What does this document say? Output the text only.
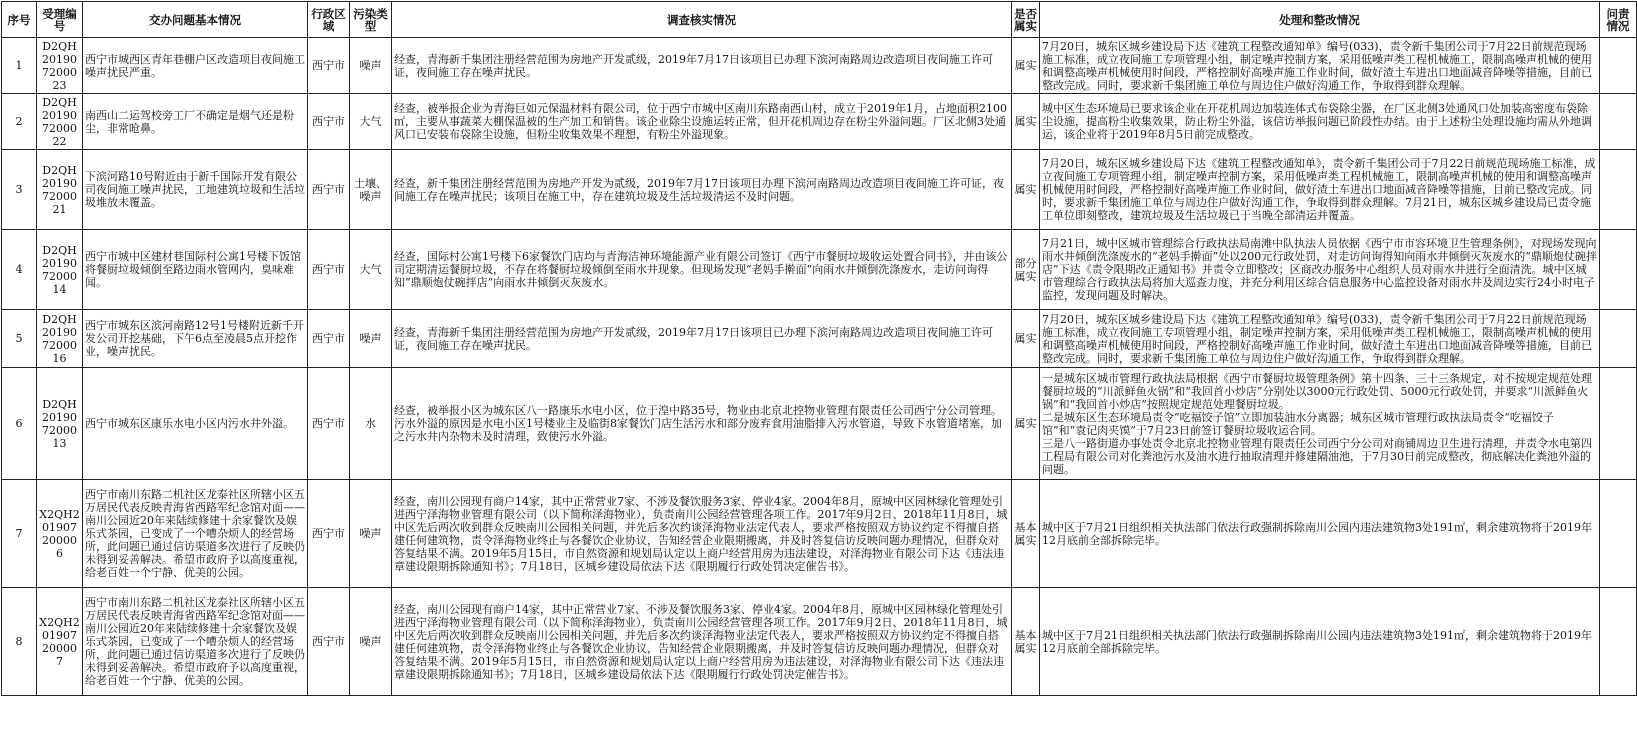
序号	受理编号	交办问题基本情况	行政区域	污染类型	调查核实情况	是否属实	处理和整改情况	问责情况
1	D2QH201907200023	西宁市城西区青年巷棚户区改造项目夜间施工噪声扰民严重。	西宁市	噪声	经查，青海新千集团注册经营范围为房地产开发贰级，2019年7月17日该项目已办理下滨河南路周边改造项目夜间施工许可证，夜间施工存在噪声扰民。	属实	7月20日，城东区城乡建设局下达《建筑工程整改通知单》编号(033)，责令新千集团公司于7月22日前规范现场施工标准，成立夜间施工专项管理小组，制定噪声控制方案，采用低噪声类工程机械施工，限制高噪声机械的使用和调整高噪声机械使用时间段，严格控制好高噪声施工作业时间，做好渣土车进出口地面减音降噪等措施，目前已整改完成。同时，要求新千集团施工单位与周边住户做好沟通工作，争取得到群众理解。	
2	D2QH201907200022	南西山二运驾校旁工厂不确定是烟气还是粉尘，非常呛鼻。	西宁市	大气	经查，被举报企业为青海巨如元保温材料有限公司，位于西宁市城中区南川东路南西山村，成立于2019年1月，占地面积2100㎡，主要从事蔬菜大棚保温被的生产加工和销售。该企业除尘设施运转正常，但开花机周边存在粉尘外溢问题。厂区北侧3处通风口已安装布袋除尘设施，但粉尘收集效果不理想，有粉尘外溢现象。	属实	城中区生态环境局已要求该企业在开花机周边加装连体式布袋除尘器，在厂区北侧3处通风口处加装高密度布袋除尘设施，提高粉尘收集效果，防止粉尘外溢，该信访举报问题已阶段性办结。由于上述粉尘处理设施均需从外地调运，该企业将于2019年8月5日前完成整改。	
3	D2QH201907200021	下滨河路10号附近由于新千国际开发有限公司夜间施工噪声扰民，工地建筑垃圾和生活垃圾堆放未覆盖。	西宁市	土壤、噪声	经查，新千集团注册经营范围为房地产开发为贰级，2019年7月17日该项目办理下滨河南路周边改造项目夜间施工许可证，夜间施工存在噪声扰民；该项目在施工中，存在建筑垃圾及生活垃圾清运不及时问题。	属实	7月20日，城东区城乡建设局下达《建筑工程整改通知单》，责令新千集团公司于7月22日前规范现场施工标准，成立夜间施工专项管理小组，制定噪声控制方案，采用低噪声类工程机械施工，限制高噪声机械的使用和调整高噪声机械使用时间段，严格控制好高噪声施工作业时间，做好渣土车进出口地面减音降噪等措施，目前已整改完成。同时，要求新千集团施工单位与周边住户做好沟通工作，争取得到群众理解。7月21日，城东区城乡建设局已责令施工单位即刻整改，建筑垃圾及生活垃圾已于当晚全部清运并覆盖。	
4	D2QH201907200014	西宁市城中区建材巷国际村公寓1号楼下饭馆将餐厨垃圾倾倒至路边雨水管网内，臭味难闻。	西宁市	大气	经查，国际村公寓1号楼下6家餐饮门店均与青海洁神环境能源产业有限公司签订《西宁市餐厨垃圾收运处置合同书》，并由该公司定期清运餐厨垃圾，不存在将餐厨垃圾倾倒至雨水井现象。但现场发现“老妈手擀面”向雨水井倾倒洗涤废水，走访问询得知“鼎顺炮仗碗拌店”向雨水井倾倒灭灰废水。	部分属实	7月21日，城中区城市管理综合行政执法局南滩中队执法人员依据《西宁市市容环境卫生管理条例》，对现场发现向雨水井倾倒洗涤废水的“老妈手擀面”处以200元行政处罚，对走访问询得知向雨水井倾倒灭灰废水的“鼎顺炮仗碗拌店”下达《责令限期改正通知书》并责令立即整改；区商改办服务中心组织人员对雨水井进行全面清洗。城中区城市管理综合行政执法局将加大巡查力度，并充分利用区综合信息服务中心监控设备对雨水井及周边实行24小时电子监控，发现问题及时解决。	
5	D2QH201907200016	西宁市城东区滨河南路12号1号楼附近新千开发公司开挖基础，下午6点至凌晨5点开挖作业，噪声扰民。	西宁市	噪声	经查，青海新千集团注册经营范围为房地产开发贰级，2019年7月17日该项目已办理下滨河南路周边改造项目夜间施工许可证，夜间施工存在噪声扰民。	属实	7月20日，城东区城乡建设局下达《建筑工程整改通知单》编号(033)，责令新千集团公司于7月22日前规范现场施工标准，成立夜间施工专项管理小组，制定噪声控制方案，采用低噪声类工程机械施工，限制高噪声机械的使用和调整高噪声机械使用时间段，严格控制好高噪声施工作业时间，做好渣土车进出口地面减音降噪等措施，目前已整改完成。同时，要求新千集团施工单位与周边住户做好沟通工作，争取得到群众理解。	
6	D2QH201907200013	西宁市城东区康乐水电小区内污水井外溢。	西宁市	水	经查，被举报小区为城东区八一路康乐水电小区，位于湟中路35号，物业由北京北控物业管理有限责任公司西宁分公司管理。污水外溢的原因是水电小区1号楼业主及临街8家餐饮门店生活污水和部分废弃食用油脂排入污水管道，导致下水管道堵塞，加之污水井内杂物未及时清理，致使污水外溢。	属实	一是城东区城市管理行政执法局根据《西宁市餐厨垃圾管理条例》第十四条、三十三条规定，对不按规定规范处理餐厨垃圾的“川派鲜鱼火锅”和“我回首小炒店”分别处以3000元行政处罚、5000元行政处罚，并要求“川派鲜鱼火锅”和“我回首小炒店”按照规定规范处理餐厨垃圾。
二是城东区生态环境局责令“吃福饺子馆”立即加装油水分离器；城东区城市管理行政执法局责令“吃福饺子馆”和“袁记肉夹馍”于7月23日前签订餐厨垃圾收运合同。
三是八一路街道办事处责令北京北控物业管理有限责任公司西宁分公司对商铺周边卫生进行清理，并责令水电第四工程局有限公司对化粪池污水及油水进行抽取清理并修建隔油池，于7月30日前完成整改，彻底解决化粪池外溢的问题。	
7	X2QH201907200006	西宁市南川东路二机社区龙泰社区所辖小区五万居民代表反映青海省西路军纪念馆对面——南川公园近20年来陆续修建十余家餐饮及娱乐式茶园，已变成了一个嘈杂烦人的经营场所，此问题已通过信访渠道多次进行了反映仍未得到妥善解决。希望市政府予以高度重视，给老百姓一个宁静、优美的公园。	西宁市	噪声	经查，南川公园现有商户14家，其中正常营业7家、不涉及餐饮服务3家、停业4家。2004年8月，原城中区园林绿化管理处引进西宁泽海物业管理有限公司（以下简称泽海物业），负责南川公园经营管理各项工作。2017年9月2日、2018年11月8日，城中区先后两次收到群众反映南川公园相关问题，并先后多次约谈泽海物业法定代表人，要求严格按照双方协议约定不得擅自搭建任何建筑物，责令泽海物业终止与各餐饮企业协议，告知经营企业限期搬离，并及时答复信访反映问题办理情况，但群众对答复结果不满。2019年5月15日，市自然资源和规划局认定以上商户经营用房为违法建设，对泽海物业有限公司下达《违法违章建设限期拆除通知书》；7月18日，区城乡建设局依法下达《限期履行行政处罚决定催告书》。	基本属实	城中区于7月21日组织相关执法部门依法行政强制拆除南川公园内违法建筑物3处191㎡，剩余建筑物将于2019年12月底前全部拆除完毕。	
8	X2QH201907200007	西宁市南川东路二机社区龙泰社区所辖小区五万居民代表反映青海省西路军纪念馆对面——南川公园近20年来陆续修建十余家餐饮及娱乐式茶园，已变成了一个嘈杂烦人的经营场所，此问题已通过信访渠道多次进行了反映仍未得到妥善解决。希望市政府予以高度重视，给老百姓一个宁静、优美的公园。	西宁市	噪声	经查，南川公园现有商户14家，其中正常营业7家、不涉及餐饮服务3家、停业4家。2004年8月，原城中区园林绿化管理处引进西宁泽海物业管理有限公司（以下简称泽海物业），负责南川公园经营管理各项工作。2017年9月2日、2018年11月8日，城中区先后两次收到群众反映南川公园相关问题，并先后多次约谈泽海物业法定代表人，要求严格按照双方协议约定不得擅自搭建任何建筑物，责令泽海物业终止与各餐饮企业协议，告知经营企业限期搬离，并及时答复信访反映问题办理情况，但群众对答复结果不满。2019年5月15日，市自然资源和规划局认定以上商户经营用房为违法建设，对泽海物业有限公司下达《违法违章建设限期拆除通知书》；7月18日，区城乡建设局依法下达《限期履行行政处罚决定催告书》。	基本属实	城中区于7月21日组织相关执法部门依法行政强制拆除南川公园内违法建筑物3处191㎡，剩余建筑物将于2019年12月底前全部拆除完毕。	
